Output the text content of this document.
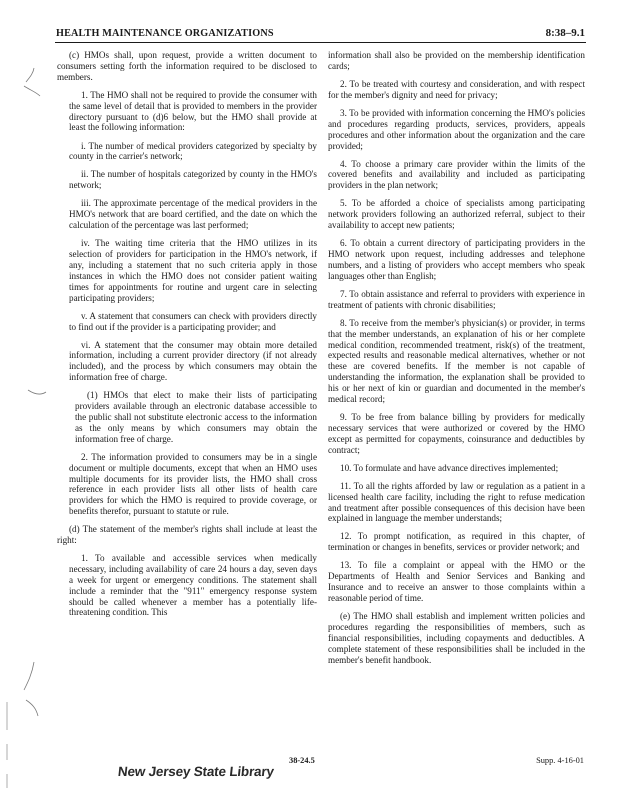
HEALTH MAINTENANCE ORGANIZATIONS	8:38–9.1

(c) HMOs shall, upon request, provide a written document to consumers setting forth the information required to be disclosed to members.

1. The HMO shall not be required to provide the consumer with the same level of detail that is provided to members in the provider directory pursuant to (d)6 below, but the HMO shall provide at least the following information:

i. The number of medical providers categorized by specialty by county in the carrier's network;

ii. The number of hospitals categorized by county in the HMO's network;

iii. The approximate percentage of the medical providers in the HMO's network that are board certified, and the date on which the calculation of the percentage was last performed;

iv. The waiting time criteria that the HMO utilizes in its selection of providers for participation in the HMO's network, if any, including a statement that no such criteria apply in those instances in which the HMO does not consider patient waiting times for appointments for routine and urgent care in selecting participating providers;

v. A statement that consumers can check with providers directly to find out if the provider is a participating provider; and

vi. A statement that the consumer may obtain more detailed information, including a current provider directory (if not already included), and the process by which consumers may obtain the information free of charge.

(1) HMOs that elect to make their lists of participating providers available through an electronic database accessible to the public shall not substitute electronic access to the information as the only means by which consumers may obtain the information free of charge.

2. The information provided to consumers may be in a single document or multiple documents, except that when an HMO uses multiple documents for its provider lists, the HMO shall cross reference in each provider lists all other lists of health care providers for which the HMO is required to provide coverage, or benefits therefor, pursuant to statute or rule.

(d) The statement of the member's rights shall include at least the right:

1. To available and accessible services when medically necessary, including availability of care 24 hours a day, seven days a week for urgent or emergency conditions. The statement shall include a reminder that the "911" emergency response system should be called whenever a member has a potentially life-threatening condition. This

information shall also be provided on the membership identification cards;

2. To be treated with courtesy and consideration, and with respect for the member's dignity and need for privacy;

3. To be provided with information concerning the HMO's policies and procedures regarding products, services, providers, appeals procedures and other information about the organization and the care provided;

4. To choose a primary care provider within the limits of the covered benefits and availability and included as participating providers in the plan network;

5. To be afforded a choice of specialists among participating network providers following an authorized referral, subject to their availability to accept new patients;

6. To obtain a current directory of participating providers in the HMO network upon request, including addresses and telephone numbers, and a listing of providers who accept members who speak languages other than English;

7. To obtain assistance and referral to providers with experience in treatment of patients with chronic disabilities;

8. To receive from the member's physician(s) or provider, in terms that the member understands, an explanation of his or her complete medical condition, recommended treatment, risk(s) of the treatment, expected results and reasonable medical alternatives, whether or not these are covered benefits. If the member is not capable of understanding the information, the explanation shall be provided to his or her next of kin or guardian and documented in the member's medical record;

9. To be free from balance billing by providers for medically necessary services that were authorized or covered by the HMO except as permitted for copayments, coinsurance and deductibles by contract;

10. To formulate and have advance directives implemented;

11. To all the rights afforded by law or regulation as a patient in a licensed health care facility, including the right to refuse medication and treatment after possible consequences of this decision have been explained in language the member understands;

12. To prompt notification, as required in this chapter, of termination or changes in benefits, services or provider network; and

13. To file a complaint or appeal with the HMO or the Departments of Health and Senior Services and Banking and Insurance and to receive an answer to those complaints within a reasonable period of time.

(e) The HMO shall establish and implement written policies and procedures regarding the responsibilities of members, such as financial responsibilities, including copayments and deductibles. A complete statement of these responsibilities shall be included in the member's benefit handbook.

38-24.5	Supp. 4-16-01
New Jersey State Library
